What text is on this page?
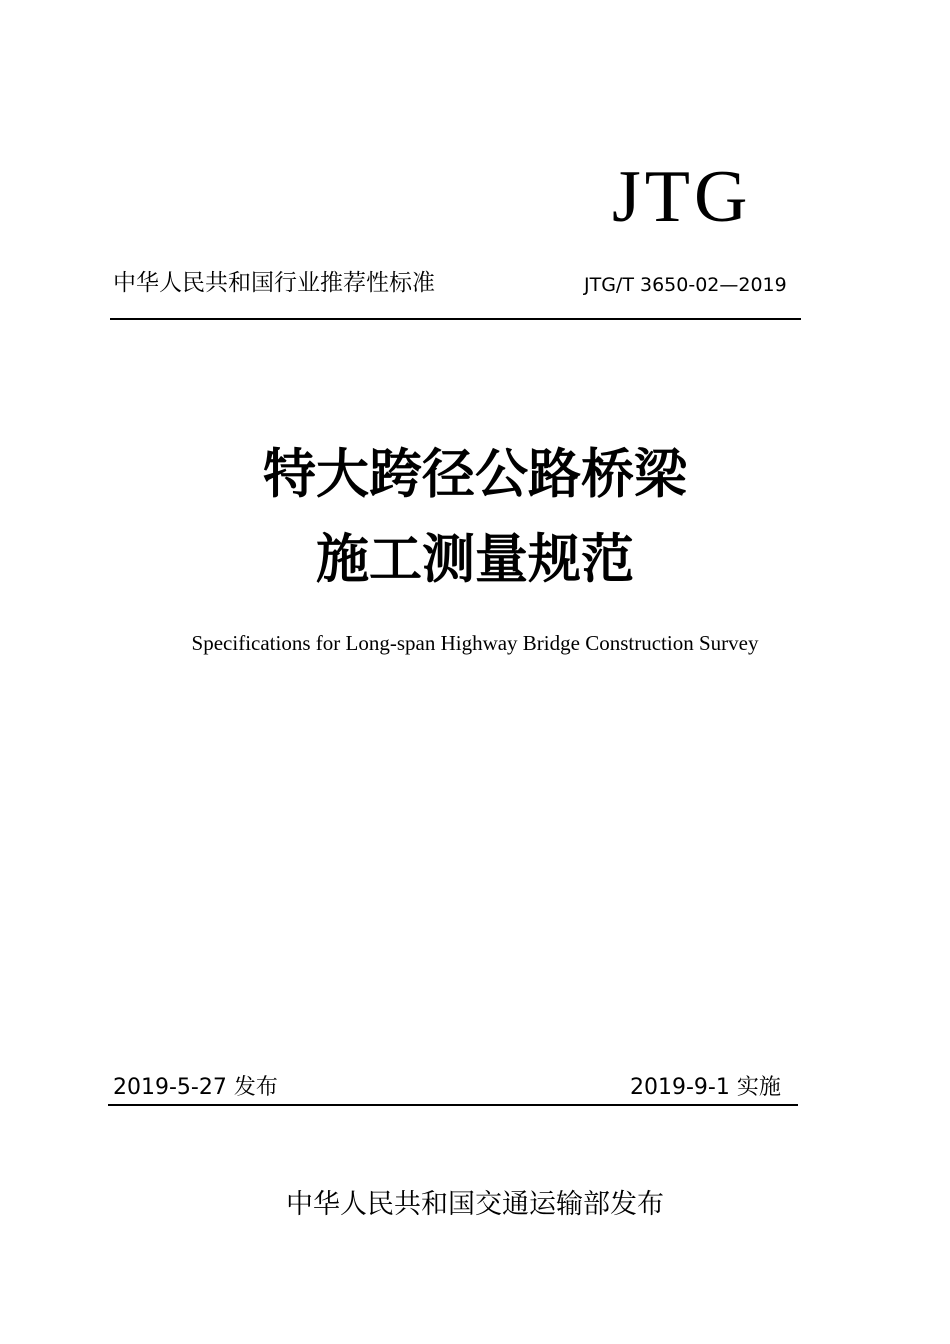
JTG
中华人民共和国行业推荐性标准	JTG/T 3650-02—2019
特大跨径公路桥梁
施工测量规范
Specifications for Long-span Highway Bridge Construction Survey
2019-5-27 发布	2019-9-1 实施
中华人民共和国交通运输部发布
